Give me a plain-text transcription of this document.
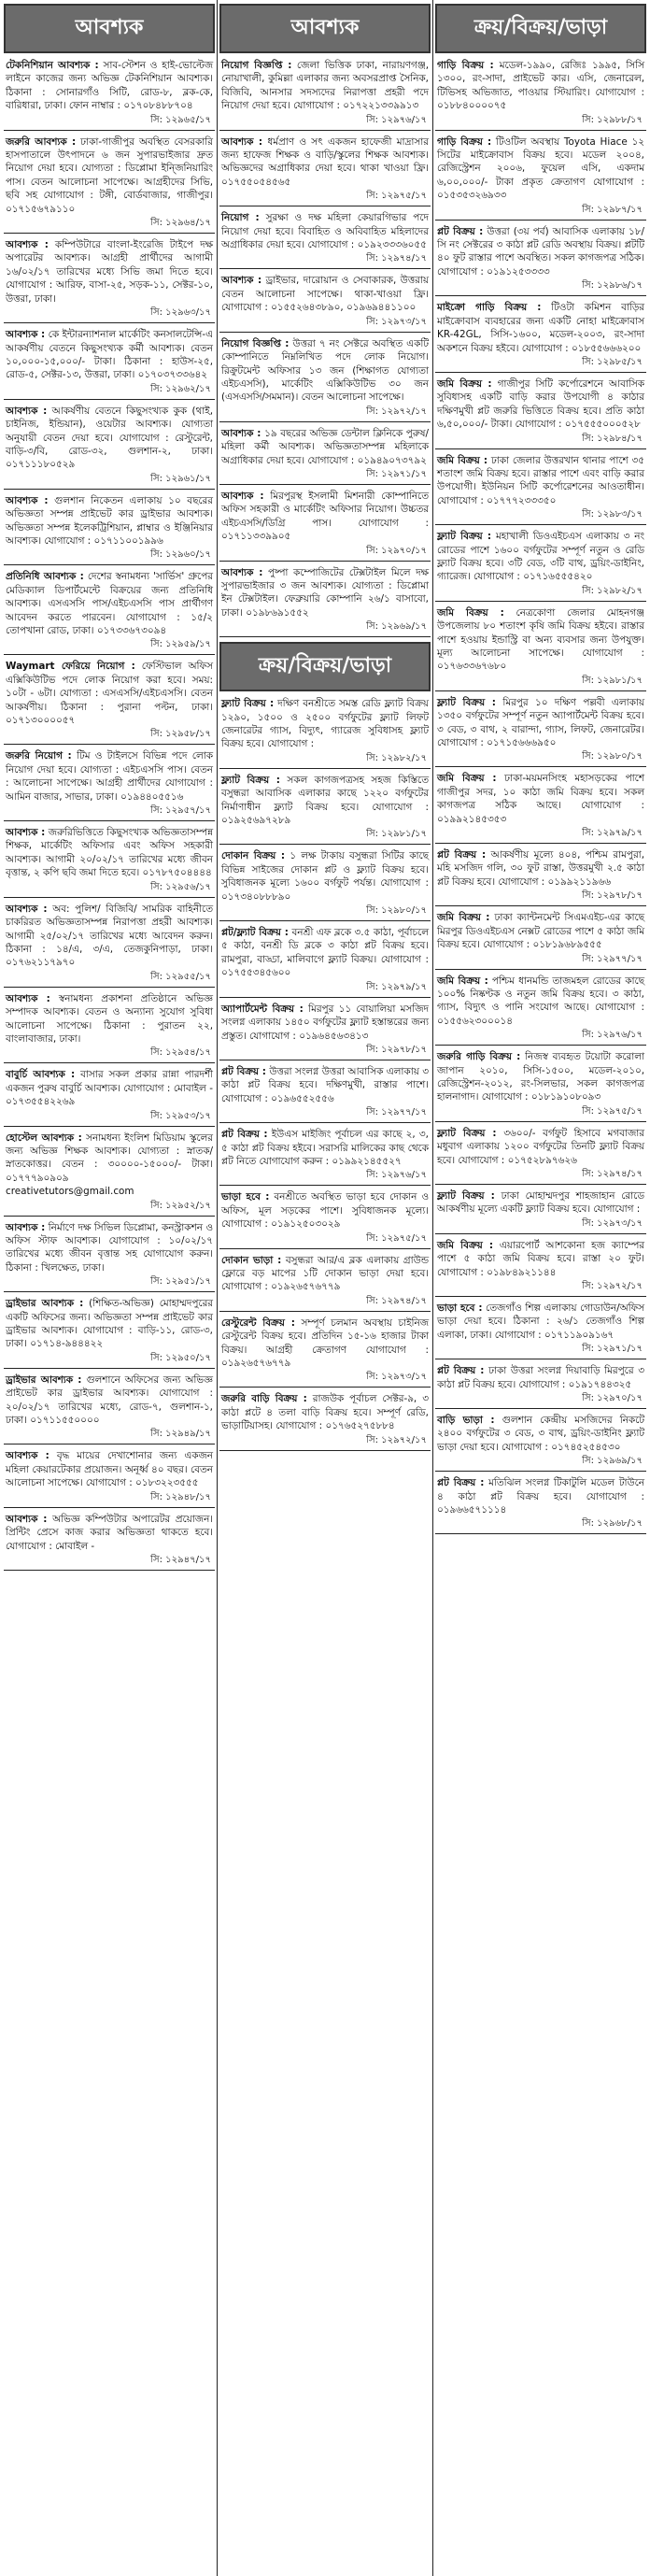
আবশ্যক
টেকনিশিয়ান আবশ্যক : সাব-স্টেশন ও হাই-ভোল্টেজ লাইনে কাজের জন্য অভিজ্ঞ টেকনিশিয়ান আবশ্যক। ঠিকানা : সোনারগাঁও সিটি, রোড-৮, ব্লক-কে, বারিধারা, ঢাকা। ফোন নাম্বার : ০১৭০৮৪৮৮৭০৪
সি: ১২৯৬৫/১৭
জরুরি আবশ্যক : ঢাকা-গাজীপুর অবস্থিত বেসরকারি হাসপাতালে উৎপাদনে ৬ জন সুপারভাইজার দ্রুত নিয়োগ দেয়া হবে। যোগ্যতা : ডিপ্লোমা ইন্জিনিয়ারিং পাস। বেতন আলোচনা সাপেক্ষে। আগ্রহীদের সিভি, ছবি সহ যোগাযোগ : টঙ্গী, বোর্ডবাজার, গাজীপুর। ০১৭১৫৬৭৯১১০
সি: ১২৯৬৪/১৭
আবশ্যক : কম্পিউটারে বাংলা-ইংরেজি টাইপে দক্ষ অপারেটর আবশ্যক। আগ্রহী প্রার্থীদের আগামী ১৬/০২/১৭ তারিখের মধ্যে সিভি জমা দিতে হবে। যোগাযোগ : আরিফ, বাসা-২৫, সড়ক-১১, সেক্টর-১০, উত্তরা, ঢাকা।
সি: ১২৯৬৩/১৭
আবশ্যক : কে ইন্টারন্যাশনাল মার্কেটিং কনসালটেন্সি-এ আকর্ষণীয় বেতনে কিছুসংখ্যক কর্মী আবশ্যক। বেতন ১০,০০০-১৫,০০০/- টাকা। ঠিকানা : হাউস-২৫, রোড-৫, সেক্টর-১৩, উত্তরা, ঢাকা। ০১৭০৩৭৩৩৬৪২
সি: ১২৯৬২/১৭
আবশ্যক : আকর্ষণীয় বেতনে কিছুসংখ্যক কুক (থাই, চাইনিজ, ইন্ডিয়ান), ওয়েটার আবশ্যক। যোগ্যতা অনুযায়ী বেতন দেয়া হবে। যোগাযোগ : রেস্টুরেন্ট, বাড়ি-৩/বি, রোড-৩২, গুলশান-২, ঢাকা। ০১৭১১১৮০৫২৯
সি: ১২৯৬১/১৭
আবশ্যক : গুলশান নিকেতন এলাকায় ১০ বছরের অভিজ্ঞতা সম্পন্ন প্রাইভেট কার ড্রাইভার আবশ্যক। অভিজ্ঞতা সম্পন্ন ইলেকট্রিশিয়ান, প্লাম্বার ও ইঞ্জিনিয়ার আবশ্যক। যোগাযোগ : ০১৭১১০০১৯৯৬
সি: ১২৯৬০/১৭
প্রতিনিধি আবশ্যক : দেশের স্বনামধন্য 'সার্ভিস' গ্রুপের মেডিক্যাল ডিপার্টমেন্টে বিক্রয়ের জন্য প্রতিনিধি আবশ্যক। এসএসসি পাস/এইচএসসি পাস প্রার্থীগণ আবেদন করতে পারবেন। যোগাযোগ : ১৫/২ তোপখানা রোড, ঢাকা। ০১৭৩৩৬৭৩০৯৪
সি: ১২৯৫৯/১৭
Waymart ফেরিয়ে নিয়োগ : ফেস্টিভাল অফিস এক্সিকিউটিভ পদে লোক নিয়োগ করা হবে। সময়: ১০টা - ৬টা। যোগ্যতা : এসএসসি/এইচএসসি। বেতন আকর্ষণীয়। ঠিকানা : পুরানা পল্টন, ঢাকা। ০১৭১৩০০০০৫৭
সি: ১২৯৫৮/১৭
জরুরি নিয়োগ : টিম ও টাইলসে বিভিন্ন পদে লোক নিয়োগ দেয়া হবে। যোগ্যতা : এইচএসসি পাস। বেতন : আলোচনা সাপেক্ষে। আগ্রহী প্রার্থীদের যোগাযোগ : আমিন বাজার, সাভার, ঢাকা। ০১৯৪৪০৫৫১৬
সি: ১২৯৫৭/১৭
আবশ্যক : জরুরিভিত্তিতে কিছুসংখ্যক অভিজ্ঞতাসম্পন্ন শিক্ষক, মার্কেটিং অফিসার এবং অফিস সহকারী আবশ্যক। আগামী ২০/০২/১৭ তারিখের মধ্যে জীবন বৃত্তান্ত, ২ কপি ছবি জমা দিতে হবে। ০১৭৮৭৫০৪৪৪৪
সি: ১২৯৫৬/১৭
আবশ্যক : অব: পুলিশ/ বিজিবি/ সামরিক বাহিনীতে চাকরিরত অভিজ্ঞতাসম্পন্ন নিরাপত্তা প্রহরী আবশ্যক। আগামী ২৫/০২/১৭ তারিখের মধ্যে আবেদন করুন। ঠিকানা : ১৪/এ, ৩/এ, তেজকুনিপাড়া, ঢাকা। ০১৭৬২১১৭৯৭০
সি: ১২৯৫৫/১৭
আবশ্যক : স্বনামধন্য প্রকাশনা প্রতিষ্ঠানে অভিজ্ঞ সম্পাদক আবশ্যক। বেতন ও অন্যান্য সুযোগ সুবিধা আলোচনা সাপেক্ষে। ঠিকানা : পুরাতন ২২, বাংলাবাজার, ঢাকা।
সি: ১২৯৫৪/১৭
বাবুর্চি আবশ্যক : বাসার সকল প্রকার রান্না পারদর্শী একজন পুরুষ বাবুর্চি আবশ্যক। যোগাযোগ : মোবাইল - ০১৭৩৫৫৪২২৬৯
সি: ১২৯৫৩/১৭
হোস্টেল আবশ্যক : সনামধন্য ইংলিশ মিডিয়াম স্কুলের জন্য অভিজ্ঞ শিক্ষক আবশ্যক। যোগ্যতা : স্নাতক/স্নাতকোত্তর। বেতন : ৩০০০০-১৫০০০/- টাকা। ০১৭৭৭৯০৯০৯
creativetutors@gmail.com
সি: ১২৯৫২/১৭
আবশ্যক : নির্মাণে দক্ষ সিভিল ডিপ্লোমা, কনস্ট্রাকশন ও অফিস স্টাফ আবশ্যক। যোগাযোগ : ১০/০২/১৭ তারিখের মধ্যে জীবন বৃত্তান্ত সহ যোগাযোগ করুন। ঠিকানা : খিলক্ষেত, ঢাকা।
সি: ১২৯৫১/১৭
ড্রাইভার আবশ্যক : (শিক্ষিত-অভিজ্ঞ) মোহাম্মদপুরের একটি অফিসের জন্য। অভিজ্ঞতা সম্পন্ন প্রাইভেট কার ড্রাইভার আবশ্যক। যোগাযোগ : বাড়ি-১১, রোড-৩, ঢাকা। ০১৭১৪-৯৪৪৪২২
সি: ১২৯৫০/১৭
ড্রাইভার আবশ্যক : গুলশানে অফিসের জন্য অভিজ্ঞ প্রাইভেট কার ড্রাইভার আবশ্যক। যোগাযোগ : ২০/০২/১৭ তারিখের মধ্যে, রোড-৭, গুলশান-১, ঢাকা। ০১৭১১৫৫০০০০
সি: ১২৯৪৯/১৭
আবশ্যক : বৃদ্ধ মায়ের দেখাশোনার জন্য একজন মহিলা কেয়ারটেকার প্রয়োজন। অনূর্ধ্ব ৪০ বছর। বেতন আলোচনা সাপেক্ষে। যোগাযোগ : ০১৮৩২২৩৫৫৫
সি: ১২৯৪৮/১৭
আবশ্যক : অভিজ্ঞ কম্পিউটার অপারেটর প্রয়োজন। প্রিন্টিং প্রেসে কাজ করার অভিজ্ঞতা থাকতে হবে। যোগাযোগ : মোবাইল -
সি: ১২৯৪৭/১৭
আবশ্যক
নিয়োগ বিজ্ঞপ্তি : জেলা ভিত্তিক ঢাকা, নারায়ণগঞ্জ, নোয়াখালী, কুমিল্লা এলাকার জন্য অবসরপ্রাপ্ত সৈনিক, বিজিবি, আনসার সদস্যদের নিরাপত্তা প্রহরী পদে নিয়োগ দেয়া হবে। যোগাযোগ : ০১৭২২১৩৩৯৯১৩
সি: ১২৯৭৬/১৭
আবশ্যক : ধর্মপ্রাণ ও সৎ একজন হাফেজী মাদ্রাসার জন্য হাফেজ শিক্ষক ও বাড়ি/স্কুলের শিক্ষক আবশ্যক। অভিজ্ঞদের অগ্রাধিকার দেয়া হবে। থাকা খাওয়া ফ্রি। ০১৭৫৫০৫৪৫৬৫
সি: ১২৯৭৫/১৭
নিয়োগ : সুরক্ষা ও দক্ষ মহিলা কেয়ারগিভার পদে নিয়োগ দেয়া হবে। বিবাহিত ও অবিবাহিত মহিলাদের অগ্রাধিকার দেয়া হবে। যোগাযোগ : ০১৯২৩৩৩৬০৫৫
সি: ১২৯৭৪/১৭
আবশ্যক : ড্রাইভার, দারোয়ান ও সেবাকারক, উত্তরায় বেতন আলোচনা সাপেক্ষে। থাকা-খাওয়া ফ্রি। যোগাযোগ : ০১৫৫২৬৪৩৮৯০, ০১৯৬৯৪৪১১০০
সি: ১২৯৭৩/১৭
নিয়োগ বিজ্ঞপ্তি : উত্তরা ৭ নং সেক্টরে অবস্থিত একটি কোম্পানিতে নিম্নলিখিত পদে লোক নিয়োগ। রিক্রুটমেন্ট অফিসার ১৩ জন (শিক্ষাগত যোগ্যতা এইচএসসি), মার্কেটিং এক্সিকিউটিভ ৩০ জন (এসএসসি/সমমান)। বেতন আলোচনা সাপেক্ষে।
সি: ১২৯৭২/১৭
আবশ্যক : ১৯ বছরের অভিজ্ঞ ডেন্টাল ক্লিনিকে পুরুষ/মহিলা কর্মী আবশ্যক। অভিজ্ঞতাসম্পন্ন মহিলাকে অগ্রাধিকার দেয়া হবে। যোগাযোগ : ০১৯৪৯০৭৩৭৯২
সি: ১২৯৭১/১৭
আবশ্যক : মিরপুরস্থ ইসলামী মিশনারী কোম্পানিতে অফিস সহকারী ও মার্কেটিং অফিসার নিয়োগ। উচ্চতর এইচএসসি/ডিগ্রি পাস। যোগাযোগ : ০১৭১১৩৩৯৯০৫
সি: ১২৯৭০/১৭
আবশ্যক : পুষ্পা কম্পোজিটের টেক্সটাইল মিলে দক্ষ সুপারভাইজার ৩ জন আবশ্যক। যোগ্যতা : ডিপ্লোমা ইন টেক্সটাইল। ফেব্রুয়ারি কোম্পানি ২৬/১ বাসাবো, ঢাকা। ০১৯৮৬৯১৫৫২
সি: ১২৯৬৯/১৭
ক্রয়/বিক্রয়/ভাড়া
ফ্ল্যাট বিক্রয় : দক্ষিণ বনশ্রীতে সমস্ত রেডি ফ্ল্যাট বিক্রয় ১২৯০, ১৫০০ ও ২৫০০ বর্গফুটের ফ্ল্যাট লিফট জেনারেটর গ্যাস, বিদ্যুৎ, গ্যারেজ সুবিধাসহ ফ্ল্যাট বিক্রয় হবে। যোগাযোগ :
সি: ১২৯৮২/১৭
ফ্ল্যাট বিক্রয় : সকল কাগজপত্রসহ সহজ কিস্তিতে বসুন্ধরা আবাসিক এলাকার কাছে ১২২০ বর্গফুটের নির্মাণাধীন ফ্ল্যাট বিক্রয় হবে। যোগাযোগ : ০১৯২৫৬৯৭২৮৯
সি: ১২৯৮১/১৭
দোকান বিক্রয় : ১ লক্ষ টাকায় বসুন্ধরা সিটির কাছে বিভিন্ন সাইজের দোকান প্লট ও ফ্ল্যাট বিক্রয় হবে। সুবিধাজনক মূল্যে ১৬০০ বর্গফুট পর্যন্ত। যোগাযোগ : ০১৭৩৪০৮৮৮৯০
সি: ১২৯৮০/১৭
প্লট/ফ্ল্যাট বিক্রয় : বনশ্রী এফ ব্লকে ৩.৫ কাঠা, পূর্বাচলে ৫ কাঠা, বনশ্রী ডি ব্লকে ৩ কাঠা প্লট বিক্রয় হবে। রামপুরা, বাড্ডা, মালিবাগে ফ্ল্যাট বিক্রয়। যোগাযোগ : ০১৭৫৫৩৪৫৬০০
সি: ১২৯৭৯/১৭
অ্যাপার্টমেন্ট বিক্রয় : মিরপুর ১১ বোয়ালিয়া মসজিদ সংলগ্ন এলাকায় ১৪৫০ বর্গফুটের ফ্ল্যাট হস্তান্তরের জন্য প্রস্তুত। যোগাযোগ : ০১৯৬৪৫৬৩৪১৩
সি: ১২৯৭৮/১৭
প্লট বিক্রয় : উত্তরা সংলগ্ন উত্তরা আবাসিক এলাকায় ৩ কাঠা প্লট বিক্রয় হবে। দক্ষিণমুখী, রাস্তার পাশে। যোগাযোগ : ০১৯৬৫৫২৫৫৬
সি: ১২৯৭৭/১৭
প্লট বিক্রয় : ইউএস মাইজিং পূর্বাচল এর কাছে ২, ৩, ৫ কাঠা প্লট বিক্রয় হইবে। সরাসরি মালিকের কাছ থেকে প্লট নিতে যোগাযোগ করুন : ০১৯৯২১৪৫৫২৭
সি: ১২৯৭৬/১৭
ভাড়া হবে : বনশ্রীতে অবস্থিত ভাড়া হবে দোকান ও অফিস, মূল সড়কের পাশে। সুবিধাজনক মূল্যে। যোগাযোগ : ০১৯১২৫০৩০২৯
সি: ১২৯৭৫/১৭
দোকান ভাড়া : বসুন্ধরা আর/এ ব্লক এলাকায় গ্রাউন্ড ফ্লোরে বড় মাপের ১টি দোকান ভাড়া দেয়া হবে। যোগাযোগ : ০১৯২৬৫৭৬৭৭৯
সি: ১২৯৭৪/১৭
রেস্টুরেন্ট বিক্রয় : সম্পূর্ণ চলমান অবস্থায় চাইনিজ রেস্টুরেন্ট বিক্রয় হবে। প্রতিদিন ১৫-১৬ হাজার টাকা বিক্রয়। আগ্রহী ক্রেতাগণ যোগাযোগ : ০১৯২৬৫৭৬৭৭৯
সি: ১২৯৭৩/১৭
জরুরি বাড়ি বিক্রয় : রাজউক পূর্বাচল সেক্টর-৯, ৩ কাঠা প্লটে ৪ তলা বাড়ি বিক্রয় হবে। সম্পূর্ণ রেডি, ভাড়াটিয়াসহ। যোগাযোগ : ০১৭৬৫২৭৫৮৮৪
সি: ১২৯৭২/১৭
ক্রয়/বিক্রয়/ভাড়া
গাড়ি বিক্রয় : মডেল-১৯৯০, রেজিঃ ১৯৯৫, সিসি ১৩০০, রং-সাদা, প্রাইভেট কার। এসি, জেনারেল, টিভিসহ অভিজাত, পাওয়ার স্টিয়ারিং। যোগাযোগ : ০১৮৮৪০০০০৭৫
সি: ১২৯৮৮/১৭
গাড়ি বিক্রয় : টিওটিল অবস্থায় Toyota Hiace ১২ সিটের মাইক্রোবাস বিক্রয় হবে। মডেল ২০০৪, রেজিস্ট্রেশন ২০০৬, ফুয়েল এসি, একদাম ৬,০০,০০০/- টাকা প্রকৃত ক্রেতাগণ যোগাযোগ : ০১৫৩৫৩২৬৯৩৩
সি: ১২৯৮৭/১৭
প্লট বিক্রয় : উত্তরা (৩য় পর্ব) আবাসিক এলাকায় ১৮/সি নং সেক্টরের ৩ কাঠা প্লট রেডি অবস্থায় বিক্রয়। প্লটটি ৪০ ফুট রাস্তার পাশে অবস্থিত। সকল কাগজপত্র সঠিক। যোগাযোগ : ০১৯১২৫৩৩৩৩
সি: ১২৯৮৬/১৭
মাইক্রো গাড়ি বিক্রয় : টিওটা কমিশন বাড়ির মাইক্রোবাস ব্যবহারের জন্য একটি নোহা মাইক্রোবাস KR-42GL, সিসি-১৬০০, মডেল-২০০৩, রং-সাদা অকশনে বিক্রয় হইবে। যোগাযোগ : ০১৮৫৫৬৬৬২০০
সি: ১২৯৮৫/১৭
জমি বিক্রয় : গাজীপুর সিটি কর্পোরেশনে আবাসিক সুবিধাসহ একটি বাড়ি করার উপযোগী ৪ কাঠার দক্ষিণমুখী প্লট জরুরি ভিত্তিতে বিক্রয় হবে। প্রতি কাঠা ৬,৫০,০০০/- টাকা। যোগাযোগ : ০১৭৫৫৫০০০৫২৮
সি: ১২৯৮৪/১৭
জমি বিক্রয় : ঢাকা জেলার উত্তরখান থানার পাশে ৩৫ শতাংশ জমি বিক্রয় হবে। রাস্তার পাশে এবং বাড়ি করার উপযোগী। ইউনিয়ন সিটি কর্পোরেশনের আওতাধীন। যোগাযোগ : ০১৭৭৭২৩৩৩৫০
সি: ১২৯৮৩/১৭
ফ্ল্যাট বিক্রয় : মহাখালী ডিওএইচএস এলাকায় ৩ নং রোডের পাশে ১৬০০ বর্গফুটের সম্পূর্ণ নতুন ও রেডি ফ্ল্যাট বিক্রয় হবে। ৩টি বেড, ৩টি বাথ, ড্রয়িং-ডাইনিং, গ্যারেজ। যোগাযোগ : ০১৭১৬৫৫৫৪২০
সি: ১২৯৮২/১৭
জমি বিক্রয় : নেত্রকোণা জেলার মোহনগঞ্জ উপজেলায় ৮০ শতাংশ কৃষি জমি বিক্রয় হইবে। রাস্তার পাশে হওয়ায় ইন্ডাস্ট্রি বা অন্য ব্যবসার জন্য উপযুক্ত। মূল্য আলোচনা সাপেক্ষে। যোগাযোগ : ০১৭৬৩৩৬৭৬৮০
সি: ১২৯৮১/১৭
ফ্ল্যাট বিক্রয় : মিরপুর ১০ দক্ষিণ পল্লবী এলাকায় ১৩৫০ বর্গফুটের সম্পূর্ণ নতুন অ্যাপার্টমেন্ট বিক্রয় হবে। ৩ বেড, ৩ বাথ, ২ বারান্দা, গ্যাস, লিফট, জেনারেটর। যোগাযোগ : ০১৭১৫৬৬৬৯৫০
সি: ১২৯৮০/১৭
জমি বিক্রয় : ঢাকা-ময়মনসিংহ মহাসড়কের পাশে গাজীপুর সদর, ১০ কাঠা জমি বিক্রয় হবে। সকল কাগজপত্র সঠিক আছে। যোগাযোগ : ০১৯৯২১৪৫৩৫৩
সি: ১২৯৭৯/১৭
প্লট বিক্রয় : আকর্ষণীয় মূল্যে ৪০৪, পশ্চিম রামপুরা, মহি মসজিদ গলি, ৩০ ফুট রাস্তা, উত্তরমুখী ২.৫ কাঠা প্লট বিক্রয় হবে। যোগাযোগ : ০১৯৯২১১৯৬৬
সি: ১২৯৭৮/১৭
জমি বিক্রয় : ঢাকা ক্যান্টনমেন্ট সিএমএইচ-এর কাছে মিরপুর ডিওএইচএস নেক্সট রোডের পাশে ৫ কাঠা জমি বিক্রয় হবে। যোগাযোগ : ০১৮১৯৬৮৯৫৫৫
সি: ১২৯৭৭/১৭
জমি বিক্রয় : পশ্চিম ধানমন্ডি তাজমহল রোডের কাছে ১০০% নিষ্কণ্টক ও নতুন জমি বিক্রয় হবে। ৩ কাঠা, গ্যাস, বিদ্যুৎ ও পানি সংযোগ আছে। যোগাযোগ : ০১৫৫৬২৩০০০১৪
সি: ১২৯৭৬/১৭
জরুরি গাড়ি বিক্রয় : নিজস্ব ব্যবহৃত টয়োটা করোলা জাপান ২০১০, সিসি-১৫০০, মডেল-২০১০, রেজিস্ট্রেশন-২০১২, রং-সিলভার, সকল কাগজপত্র হালনাগাদ। যোগাযোগ : ০১৮১৯১০৮০৯৩
সি: ১২৯৭৫/১৭
ফ্ল্যাট বিক্রয় : ৩৬০০/- বর্গফুট হিসাবে মগবাজার মধুবাগ এলাকায় ১২০০ বর্গফুটের তিনটি ফ্ল্যাট বিক্রয় হবে। যোগাযোগ : ০১৭৫২৮৯৭৬২৬
সি: ১২৯৭৪/১৭
ফ্ল্যাট বিক্রয় : ঢাকা মোহাম্মদপুর শাহজাহান রোডে আকর্ষণীয় মূল্যে একটি ফ্ল্যাট বিক্রয় হবে। যোগাযোগ :
সি: ১২৯৭৩/১৭
জমি বিক্রয় : এয়ারপোর্ট আশকোনা হজ ক্যাম্পের পাশে ৫ কাঠা জমি বিক্রয় হবে। রাস্তা ২০ ফুট। যোগাযোগ : ০১৯৮৪৯২১১৪৪
সি: ১২৯৭২/১৭
ভাড়া হবে : তেজগাঁও শিল্প এলাকায় গোডাউন/অফিস ভাড়া দেয়া হবে। ঠিকানা : ২৬/১ তেজগাঁও শিল্প এলাকা, ঢাকা। যোগাযোগ : ০১৭১১৯০৯১৬৭
সি: ১২৯৭১/১৭
প্লট বিক্রয় : ঢাকা উত্তরা সংলগ্ন দিয়াবাড়ি মিরপুরে ৩ কাঠা প্লট বিক্রয় হবে। যোগাযোগ : ০১৯১৭৪৪৩২৫
সি: ১২৯৭০/১৭
বাড়ি ভাড়া : গুলশান কেন্দ্রীয় মসজিদের নিকটে ২৪০০ বর্গফুটের ৩ বেড, ৩ বাথ, ড্রয়িং-ডাইনিং ফ্ল্যাট ভাড়া দেয়া হবে। যোগাযোগ : ০১৭৪৫২৫৪৫৩০
সি: ১২৯৬৯/১৭
প্লট বিক্রয় : মতিঝিল সংলগ্ন টিকাটুলি মডেল টাউনে ৪ কাঠা প্লট বিক্রয় হবে। যোগাযোগ : ০১৯৬৬৫৭১১১৪
সি: ১২৯৬৮/১৭
